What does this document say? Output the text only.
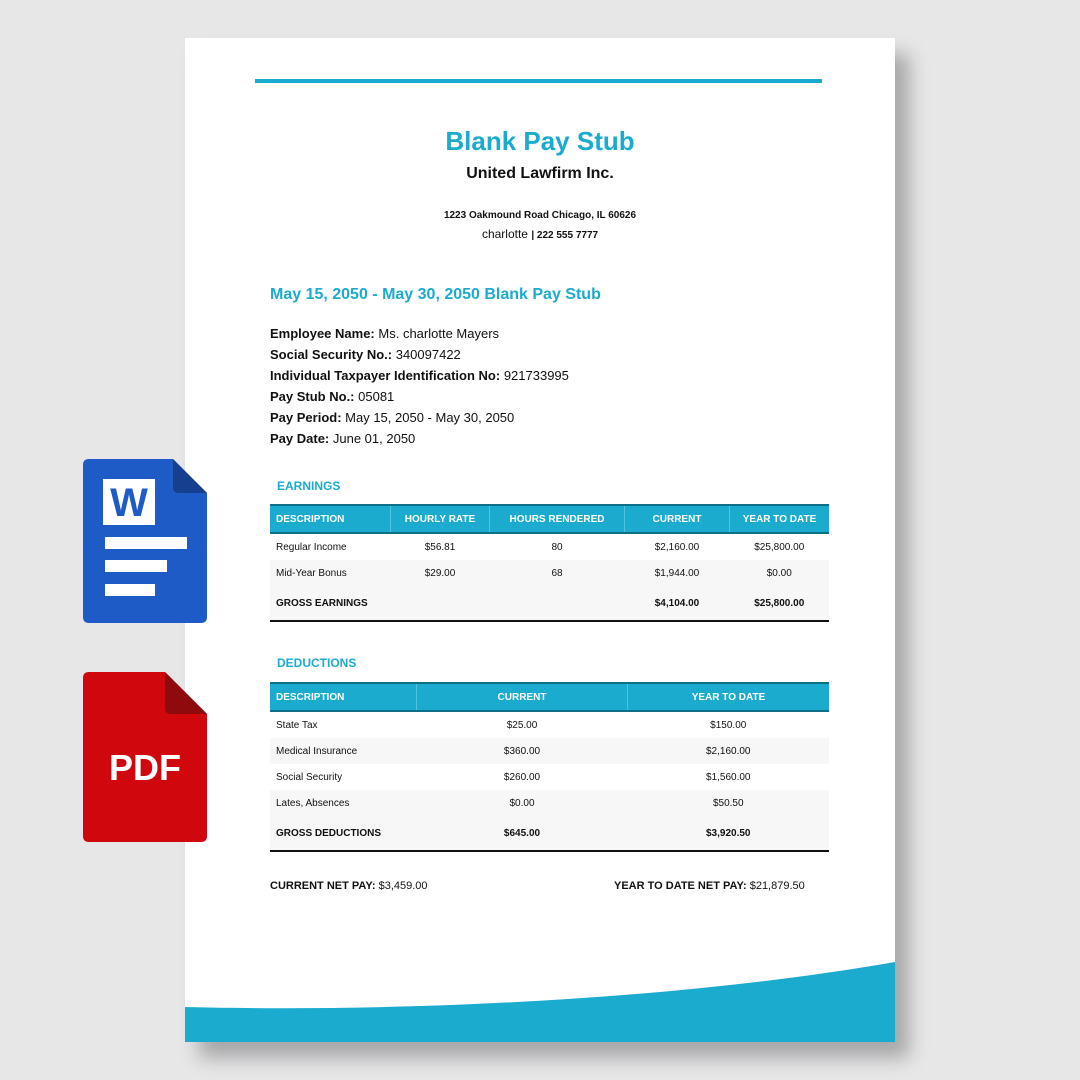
Blank Pay Stub
United Lawfirm Inc.
1223 Oakmound Road Chicago, IL 60626
charlotte | 222 555 7777
May 15, 2050 - May 30, 2050 Blank Pay Stub
Employee Name: Ms. charlotte Mayers
Social Security No.: 340097422
Individual Taxpayer Identification No: 921733995
Pay Stub No.: 05081
Pay Period: May 15, 2050 - May 30, 2050
Pay Date: June 01, 2050
EARNINGS
DESCRIPTION	HOURLY RATE	HOURS RENDERED	CURRENT	YEAR TO DATE
Regular Income	$56.81	80	$2,160.00	$25,800.00
Mid-Year Bonus	$29.00	68	$1,944.00	$0.00
GROSS EARNINGS			$4,104.00	$25,800.00
DEDUCTIONS
DESCRIPTION	CURRENT	YEAR TO DATE
State Tax	$25.00	$150.00
Medical Insurance	$360.00	$2,160.00
Social Security	$260.00	$1,560.00
Lates, Absences	$0.00	$50.50
GROSS DEDUCTIONS	$645.00	$3,920.50
CURRENT NET PAY: $3,459.00	YEAR TO DATE NET PAY: $21,879.50
W
PDF
